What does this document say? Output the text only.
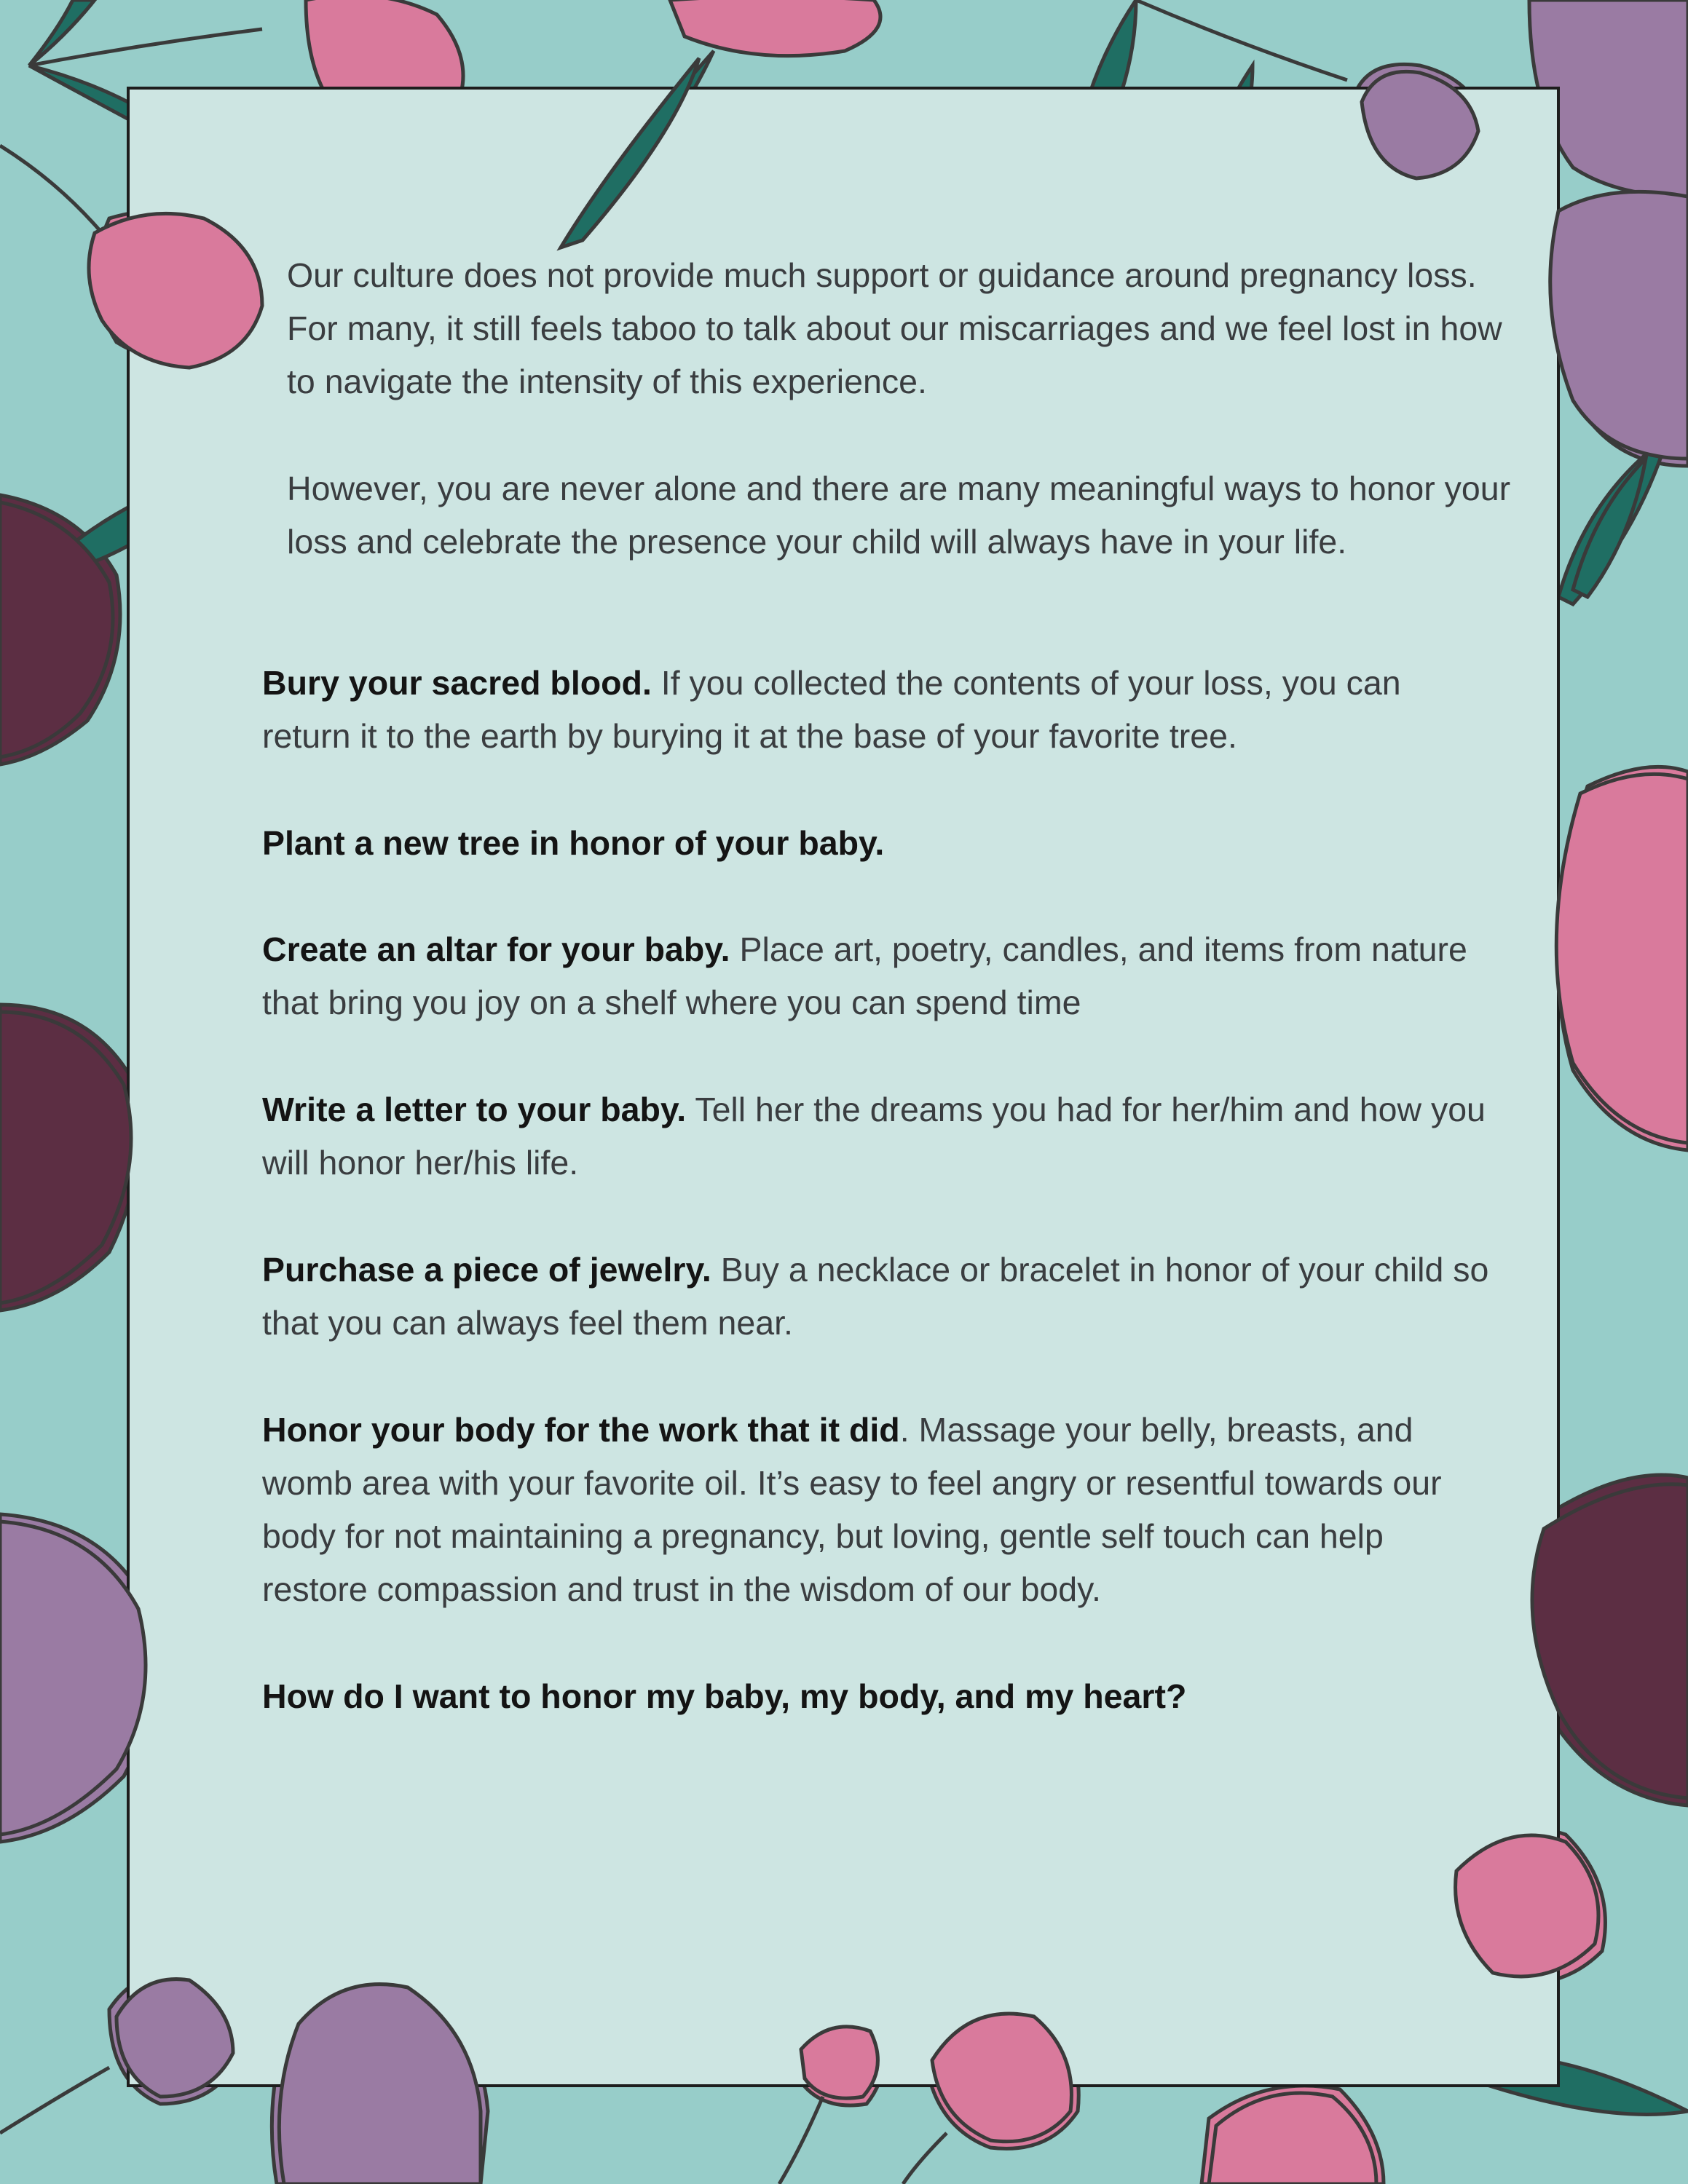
Our culture does not provide much support or guidance around pregnancy loss. For many, it still feels taboo to talk about our miscarriages and we feel lost in how to navigate the intensity of this experience.

However, you are never alone and there are many meaningful ways to honor your loss and celebrate the presence your child will always have in your life.

Bury your sacred blood. If you collected the contents of your loss, you can return it to the earth by burying it at the base of your favorite tree.

Plant a new tree in honor of your baby.

Create an altar for your baby. Place art, poetry, candles, and items from nature that bring you joy on a shelf where you can spend time

Write a letter to your baby. Tell her the dreams you had for her/him and how you will honor her/his life.

Purchase a piece of jewelry. Buy a necklace or bracelet in honor of your child so that you can always feel them near.

Honor your body for the work that it did. Massage your belly, breasts, and womb area with your favorite oil. It’s easy to feel angry or resentful towards our body for not maintaining a pregnancy, but loving, gentle self touch can help restore compassion and trust in the wisdom of our body.

How do I want to honor my baby, my body, and my heart?
